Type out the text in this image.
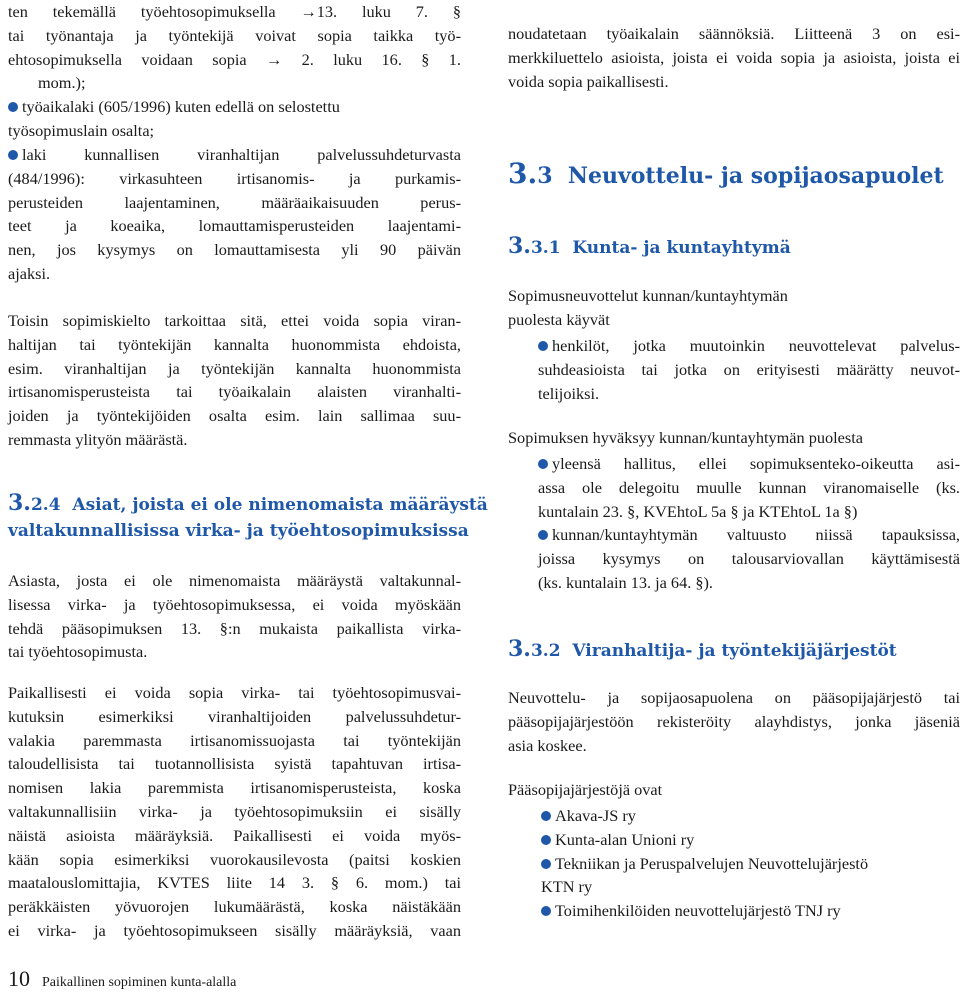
ten tekemällä työehtosopimuksella →13. luku 7. §
tai työnantaja ja työntekijä voivat sopia taikka työ-
ehtosopimuksella voidaan sopia → 2. luku 16. § 1.
mom.);
työaikalaki (605/1996) kuten edellä on selostettu
työsopimuslain osalta;
laki kunnallisen viranhaltijan palvelussuhdeturvasta
(484/1996): virkasuhteen irtisanomis- ja purkamis-
perusteiden laajentaminen, määräaikaisuuden perus-
teet ja koeaika, lomauttamisperusteiden laajentami-
nen, jos kysymys on lomauttamisesta yli 90 päivän
ajaksi.
Toisin sopimiskielto tarkoittaa sitä, ettei voida sopia viran-
haltijan tai työntekijän kannalta huonommista ehdoista,
esim. viranhaltijan ja työntekijän kannalta huonommista
irtisanomisperusteista tai työaikalain alaisten viranhalti-
joiden ja työntekijöiden osalta esim. lain sallimaa suu-
remmasta ylityön määrästä.
3.2.4 Asiat, joista ei ole nimenomaista määräystä
valtakunnallisissa virka- ja työehtosopimuksissa
Asiasta, josta ei ole nimenomaista määräystä valtakunnal-
lisessa virka- ja työehtosopimuksessa, ei voida myöskään
tehdä pääsopimuksen 13. §:n mukaista paikallista virka-
tai työehtosopimusta.
Paikallisesti ei voida sopia virka- tai työehtosopimusvai-
kutuksin esimerkiksi viranhaltijoiden palvelussuhdetur-
valakia paremmasta irtisanomissuojasta tai työntekijän
taloudellisista tai tuotannollisista syistä tapahtuvan irtisa-
nomisen lakia paremmista irtisanomisperusteista, koska
valtakunnallisiin virka- ja työehtosopimuksiin ei sisälly
näistä asioista määräyksiä. Paikallisesti ei voida myös-
kään sopia esimerkiksi vuorokausilevosta (paitsi koskien
maatalouslomittajia, KVTES liite 14 3. § 6. mom.) tai
peräkkäisten yövuorojen lukumäärästä, koska näistäkään
ei virka- ja työehtosopimukseen sisälly määräyksiä, vaan
noudatetaan työaikalain säännöksiä. Liitteenä 3 on esi-
merkkiluettelo asioista, joista ei voida sopia ja asioista, joista ei
voida sopia paikallisesti.
3.3 Neuvottelu- ja sopijaosapuolet
3.3.1 Kunta- ja kuntayhtymä
Sopimusneuvottelut kunnan/kuntayhtymän
puolesta käyvät
henkilöt, jotka muutoinkin neuvottelevat palvelus-
suhdeasioista tai jotka on erityisesti määrätty neuvot-
telijoiksi.
Sopimuksen hyväksyy kunnan/kuntayhtymän puolesta
yleensä hallitus, ellei sopimuksenteko-oikeutta asi-
assa ole delegoitu muulle kunnan viranomaiselle (ks.
kuntalain 23. §, KVEhtoL 5a § ja KTEhtoL 1a §)
kunnan/kuntayhtymän valtuusto niissä tapauksissa,
joissa kysymys on talousarviovallan käyttämisestä
(ks. kuntalain 13. ja 64. §).
3.3.2 Viranhaltija- ja työntekijäjärjestöt
Neuvottelu- ja sopijaosapuolena on pääsopijajärjestö tai
pääsopijajärjestöön rekisteröity alayhdistys, jonka jäseniä
asia koskee.
Pääsopijajärjestöjä ovat
Akava-JS ry
Kunta-alan Unioni ry
Tekniikan ja Peruspalvelujen Neuvottelujärjestö
KTN ry
Toimihenkilöiden neuvottelujärjestö TNJ ry
10 Paikallinen sopiminen kunta-alalla
